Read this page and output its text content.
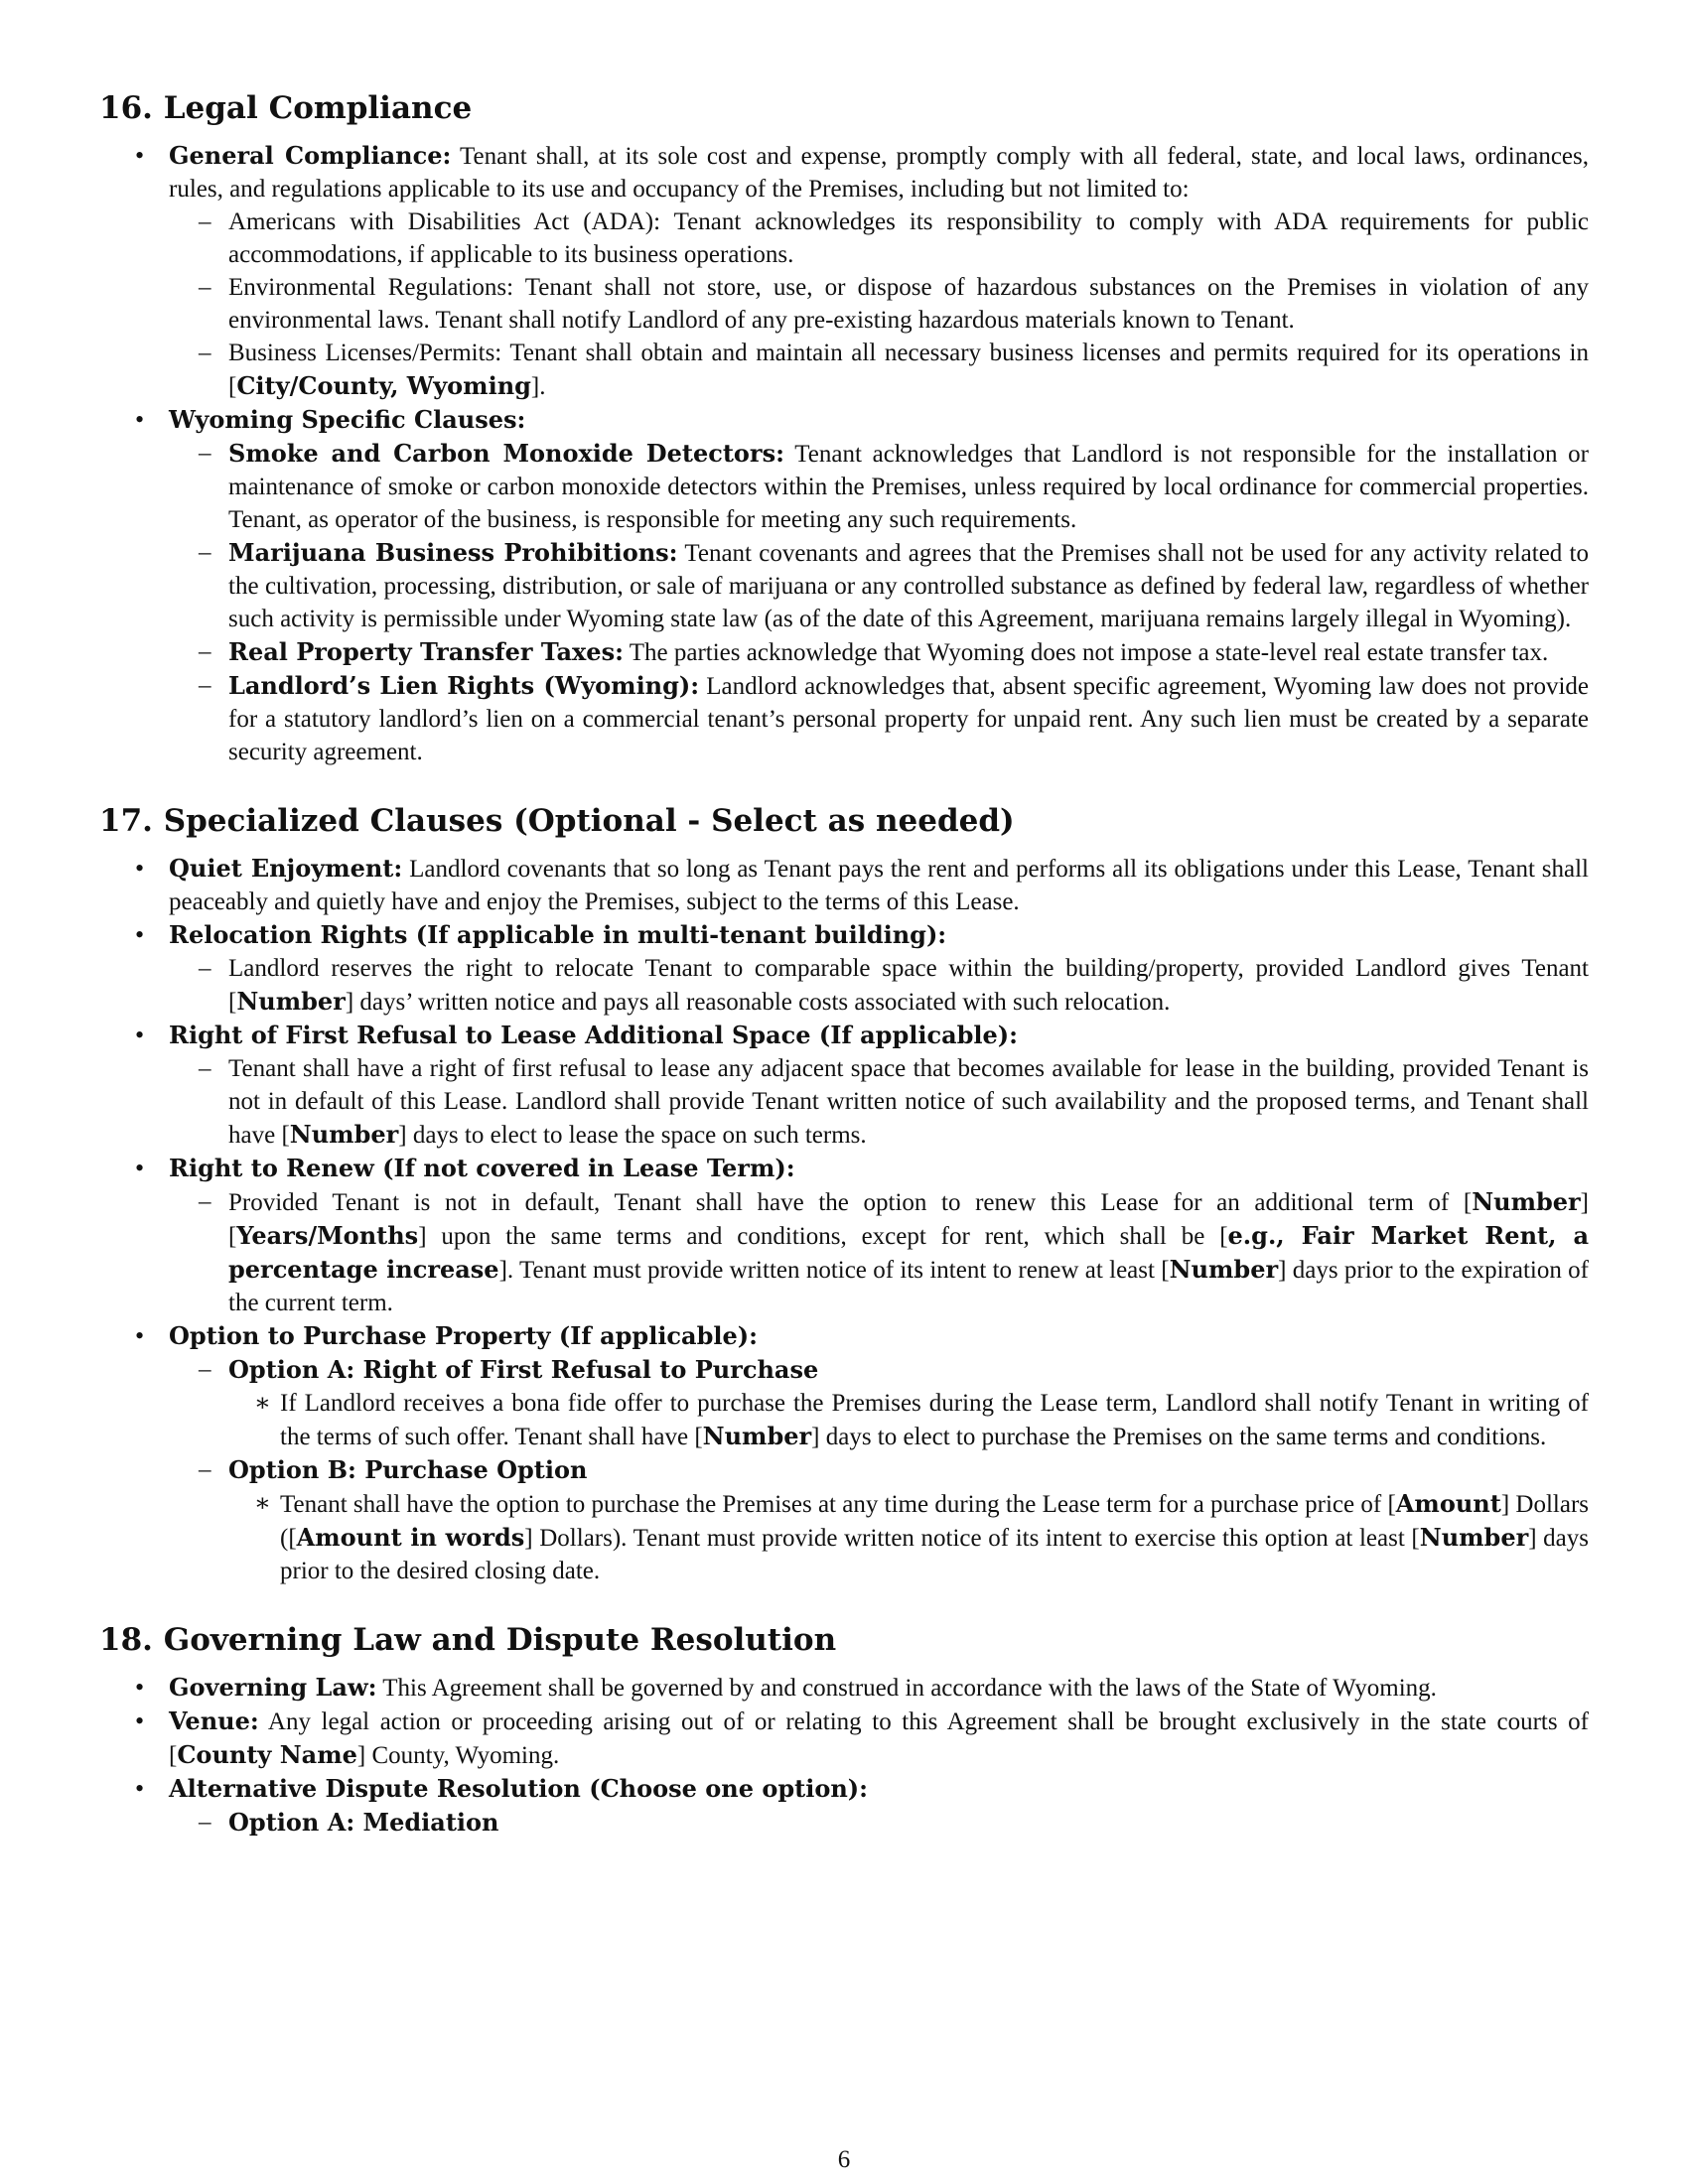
16. Legal Compliance
• General Compliance: Tenant shall, at its sole cost and expense, promptly comply with all federal, state, and local laws, ordinances, rules, and regulations applicable to its use and occupancy of the Premises, including but not limited to:
– Americans with Disabilities Act (ADA): Tenant acknowledges its responsibility to comply with ADA requirements for public accommodations, if applicable to its business operations.
– Environmental Regulations: Tenant shall not store, use, or dispose of hazardous substances on the Premises in violation of any environmental laws. Tenant shall notify Landlord of any pre-existing hazardous materials known to Tenant.
– Business Licenses/Permits: Tenant shall obtain and maintain all necessary business licenses and permits required for its operations in [City/County, Wyoming].
• Wyoming Specific Clauses:
– Smoke and Carbon Monoxide Detectors: Tenant acknowledges that Landlord is not responsible for the installation or maintenance of smoke or carbon monoxide detectors within the Premises, unless required by local ordinance for commercial properties. Tenant, as operator of the business, is responsible for meeting any such requirements.
– Marijuana Business Prohibitions: Tenant covenants and agrees that the Premises shall not be used for any activity related to the cultivation, processing, distribution, or sale of marijuana or any controlled substance as defined by federal law, regardless of whether such activity is permissible under Wyoming state law (as of the date of this Agreement, marijuana remains largely illegal in Wyoming).
– Real Property Transfer Taxes: The parties acknowledge that Wyoming does not impose a state-level real estate transfer tax.
– Landlord’s Lien Rights (Wyoming): Landlord acknowledges that, absent specific agreement, Wyoming law does not provide for a statutory landlord’s lien on a commercial tenant’s personal property for unpaid rent. Any such lien must be created by a separate security agreement.
17. Specialized Clauses (Optional - Select as needed)
• Quiet Enjoyment: Landlord covenants that so long as Tenant pays the rent and performs all its obligations under this Lease, Tenant shall peaceably and quietly have and enjoy the Premises, subject to the terms of this Lease.
• Relocation Rights (If applicable in multi-tenant building):
– Landlord reserves the right to relocate Tenant to comparable space within the building/property, provided Landlord gives Tenant [Number] days’ written notice and pays all reasonable costs associated with such relocation.
• Right of First Refusal to Lease Additional Space (If applicable):
– Tenant shall have a right of first refusal to lease any adjacent space that becomes available for lease in the building, provided Tenant is not in default of this Lease. Landlord shall provide Tenant written notice of such availability and the proposed terms, and Tenant shall have [Number] days to elect to lease the space on such terms.
• Right to Renew (If not covered in Lease Term):
– Provided Tenant is not in default, Tenant shall have the option to renew this Lease for an additional term of [Number] [Years/Months] upon the same terms and conditions, except for rent, which shall be [e.g., Fair Market Rent, a percentage increase]. Tenant must provide written notice of its intent to renew at least [Number] days prior to the expiration of the current term.
• Option to Purchase Property (If applicable):
– Option A: Right of First Refusal to Purchase
∗ If Landlord receives a bona fide offer to purchase the Premises during the Lease term, Landlord shall notify Tenant in writing of the terms of such offer. Tenant shall have [Number] days to elect to purchase the Premises on the same terms and conditions.
– Option B: Purchase Option
∗ Tenant shall have the option to purchase the Premises at any time during the Lease term for a purchase price of [Amount] Dollars ([Amount in words] Dollars). Tenant must provide written notice of its intent to exercise this option at least [Number] days prior to the desired closing date.
18. Governing Law and Dispute Resolution
• Governing Law: This Agreement shall be governed by and construed in accordance with the laws of the State of Wyoming.
• Venue: Any legal action or proceeding arising out of or relating to this Agreement shall be brought exclusively in the state courts of [County Name] County, Wyoming.
• Alternative Dispute Resolution (Choose one option):
– Option A: Mediation
6
